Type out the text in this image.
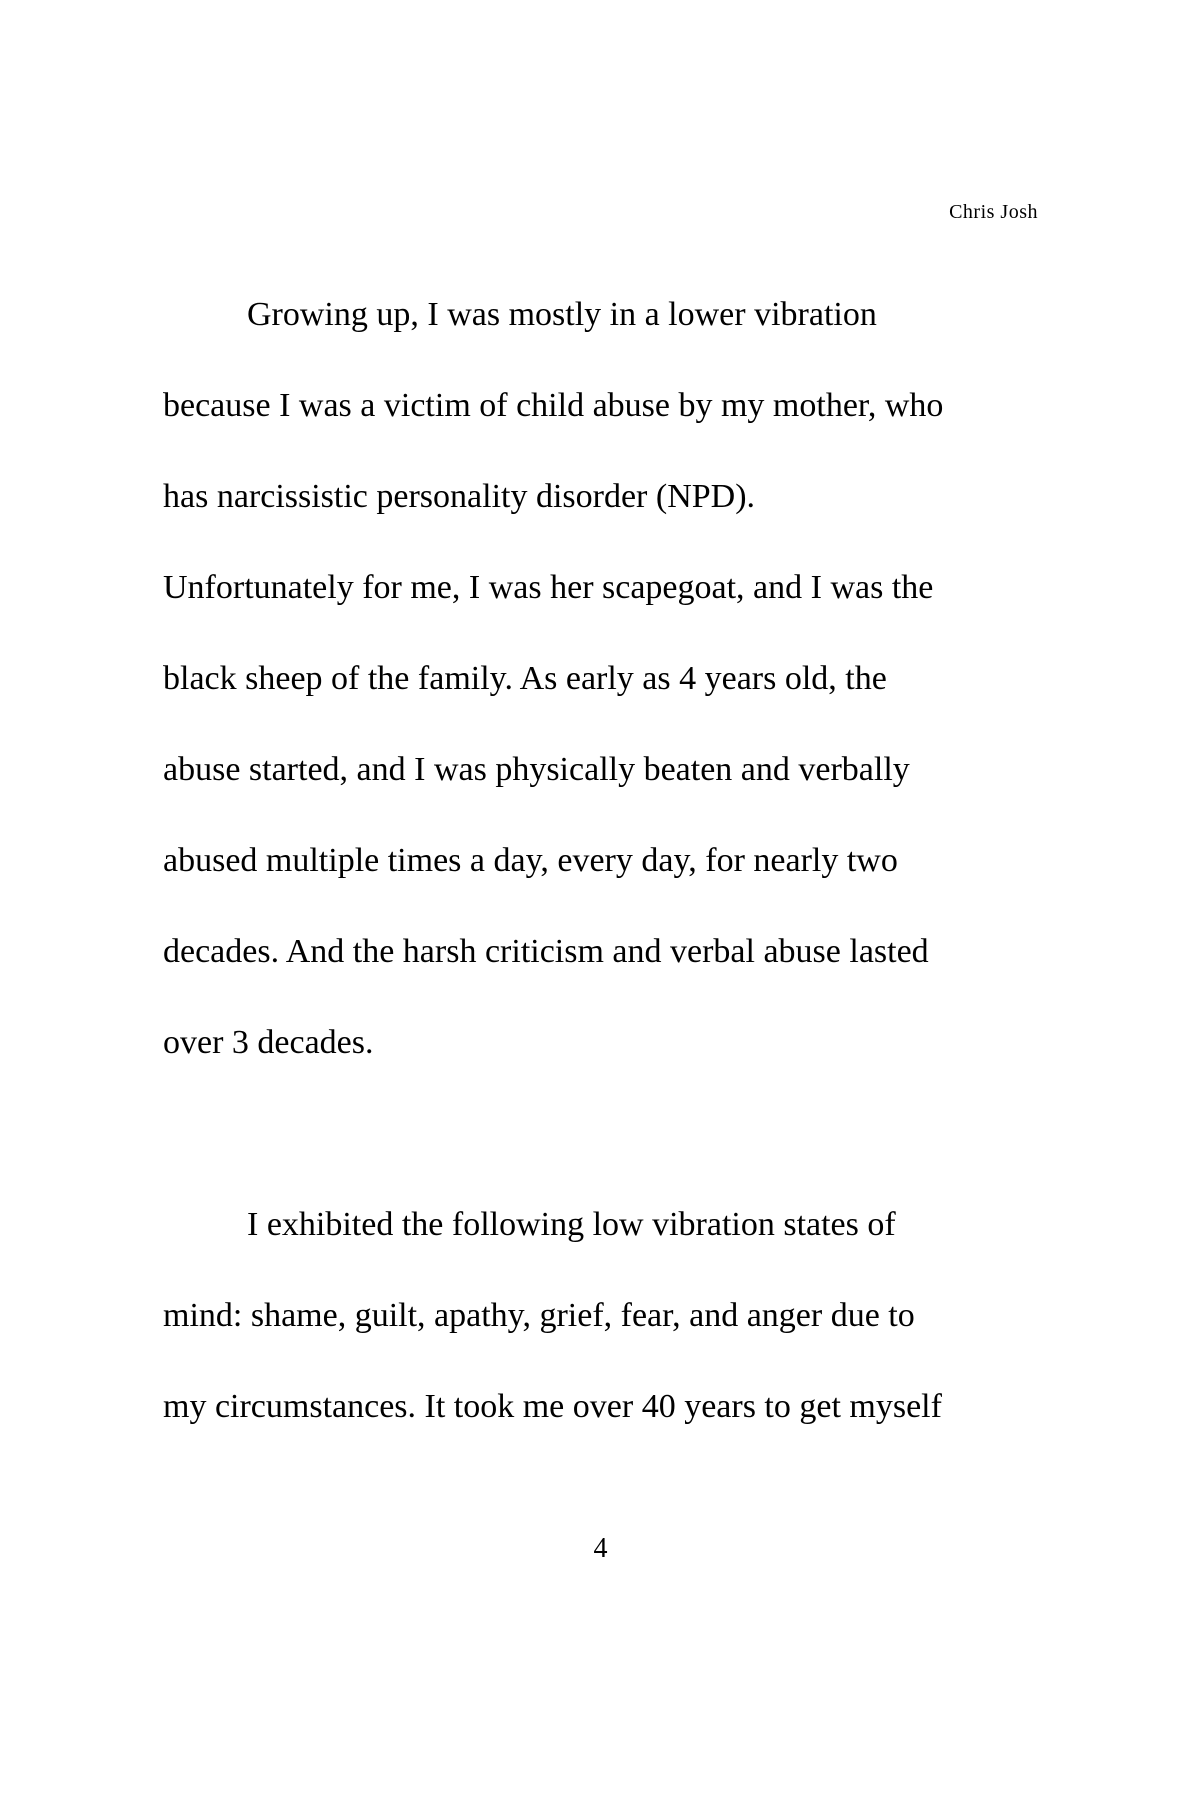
Chris Josh
Growing up, I was mostly in a lower vibration
because I was a victim of child abuse by my mother, who
has narcissistic personality disorder (NPD).
Unfortunately for me, I was her scapegoat, and I was the
black sheep of the family. As early as 4 years old, the
abuse started, and I was physically beaten and verbally
abused multiple times a day, every day, for nearly two
decades. And the harsh criticism and verbal abuse lasted
over 3 decades.
I exhibited the following low vibration states of
mind: shame, guilt, apathy, grief, fear, and anger due to
my circumstances. It took me over 40 years to get myself
4
